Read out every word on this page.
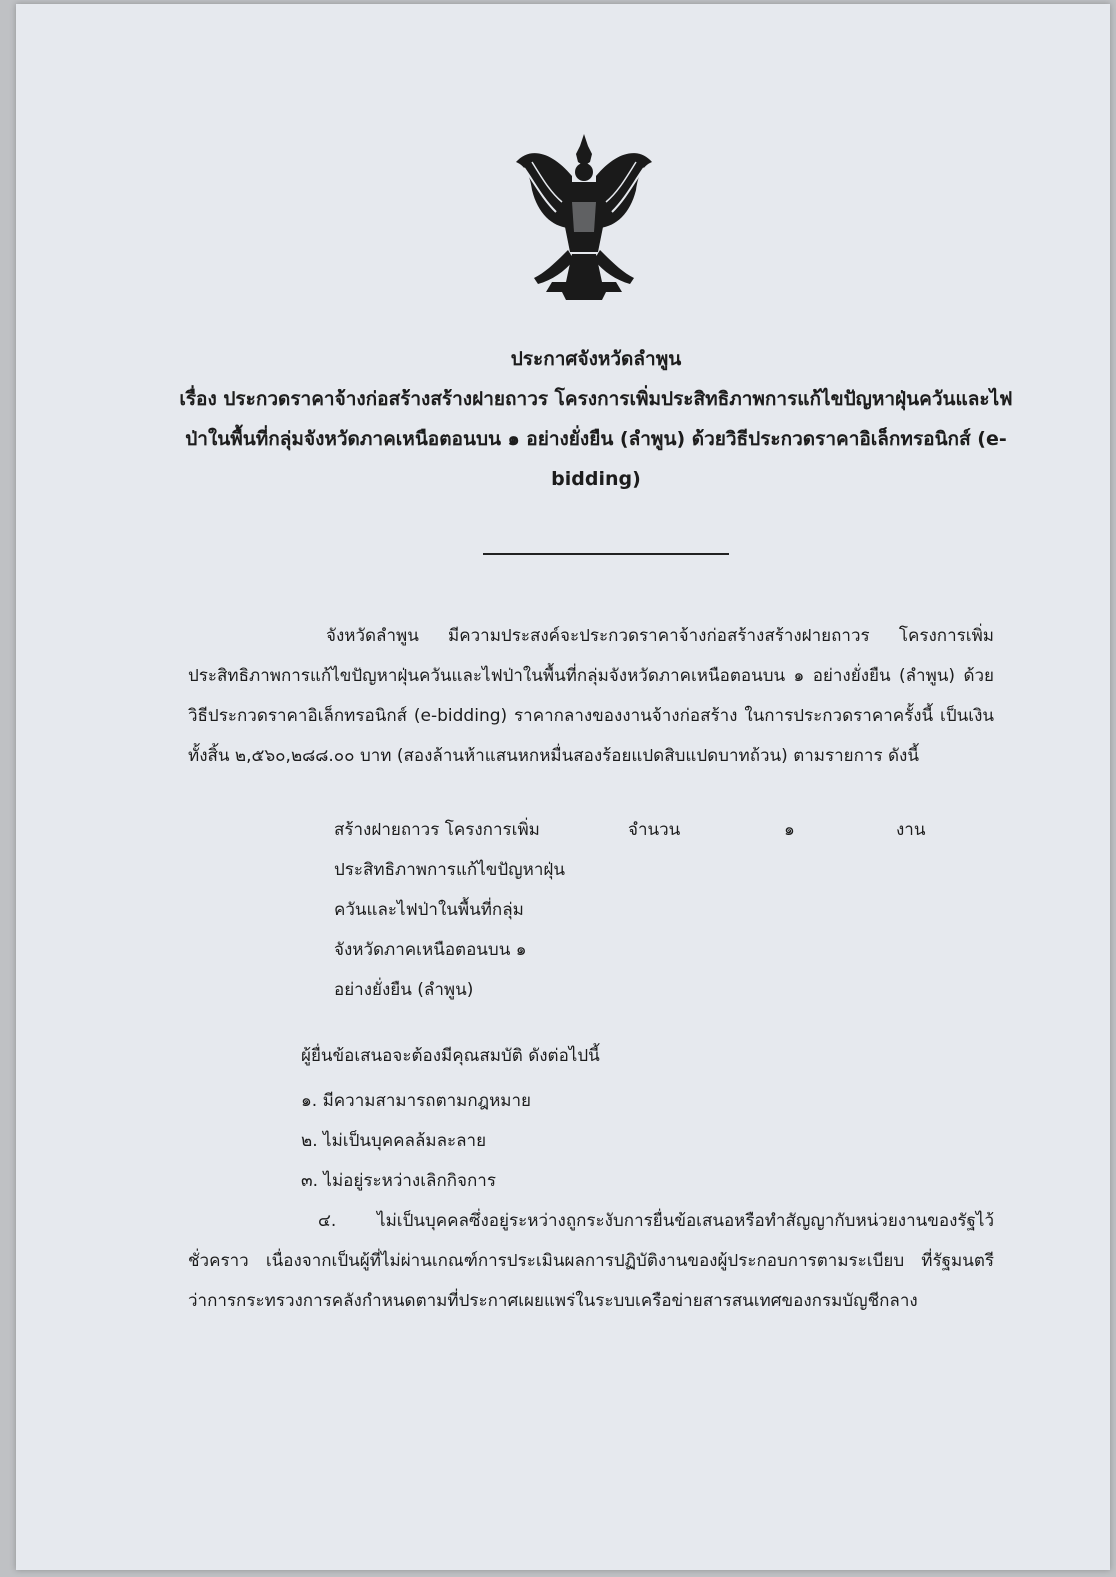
ประกาศจังหวัดลำพูน
เรื่อง ประกวดราคาจ้างก่อสร้างสร้างฝายถาวร โครงการเพิ่มประสิทธิภาพการแก้ไขปัญหาฝุ่นควันและไฟ
ป่าในพื้นที่กลุ่มจังหวัดภาคเหนือตอนบน ๑ อย่างยั่งยืน (ลำพูน) ด้วยวิธีประกวดราคาอิเล็กทรอนิกส์ (e-
bidding)
จังหวัดลำพูน มีความประสงค์จะประกวดราคาจ้างก่อสร้างสร้างฝายถาวร โครงการเพิ่มประสิทธิภาพการแก้ไขปัญหาฝุ่นควันและไฟป่าในพื้นที่กลุ่มจังหวัดภาคเหนือตอนบน ๑ อย่างยั่งยืน (ลำพูน) ด้วยวิธีประกวดราคาอิเล็กทรอนิกส์ (e-bidding) ราคากลางของงานจ้างก่อสร้าง ในการประกวดราคาครั้งนี้ เป็นเงินทั้งสิ้น ๒,๕๖๐,๒๘๘.๐๐ บาท (สองล้านห้าแสนหกหมื่นสองร้อยแปดสิบแปดบาทถ้วน) ตามรายการ ดังนี้
สร้างฝายถาวร โครงการเพิ่ม
ประสิทธิภาพการแก้ไขปัญหาฝุ่น
ควันและไฟป่าในพื้นที่กลุ่ม
จังหวัดภาคเหนือตอนบน ๑
อย่างยั่งยืน (ลำพูน)
จำนวน	๑	งาน
ผู้ยื่นข้อเสนอจะต้องมีคุณสมบัติ ดังต่อไปนี้
๑. มีความสามารถตามกฎหมาย
๒. ไม่เป็นบุคคลล้มละลาย
๓. ไม่อยู่ระหว่างเลิกกิจการ
๔. ไม่เป็นบุคคลซึ่งอยู่ระหว่างถูกระงับการยื่นข้อเสนอหรือทำสัญญากับหน่วยงานของรัฐไว้ชั่วคราว เนื่องจากเป็นผู้ที่ไม่ผ่านเกณฑ์การประเมินผลการปฏิบัติงานของผู้ประกอบการตามระเบียบ ที่รัฐมนตรีว่าการกระทรวงการคลังกำหนดตามที่ประกาศเผยแพร่ในระบบเครือข่ายสารสนเทศของกรมบัญชีกลาง
